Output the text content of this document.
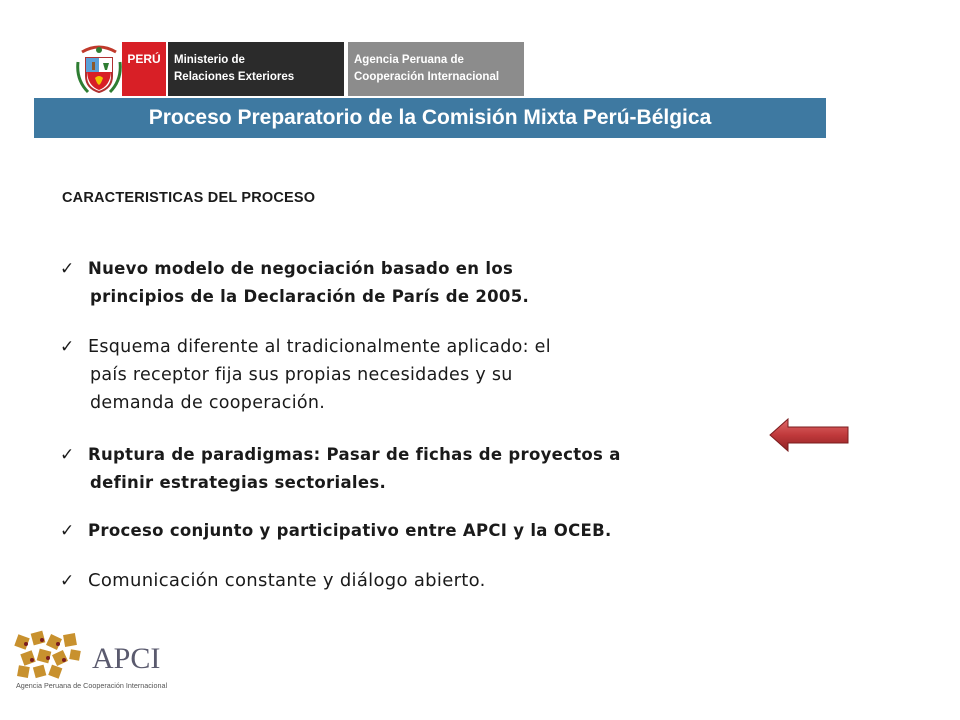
PERÚ Ministerio de
Relaciones Exteriores
Agencia Peruana de
Cooperación Internacional
Proceso Preparatorio de la Comisión Mixta Perú-Bélgica
CARACTERISTICAS DEL PROCESO

✓ Nuevo modelo de negociación basado en los
principios de la Declaración de París de 2005.

✓ Esquema diferente al tradicionalmente aplicado: el
país receptor fija sus propias necesidades y su
demanda de cooperación.

✓ Ruptura de paradigmas: Pasar de fichas de proyectos a
definir estrategias sectoriales.

✓ Proceso conjunto y participativo entre APCI y la OCEB.

✓ Comunicación constante y diálogo abierto.

APCI
Agencia Peruana de Cooperación Internacional
